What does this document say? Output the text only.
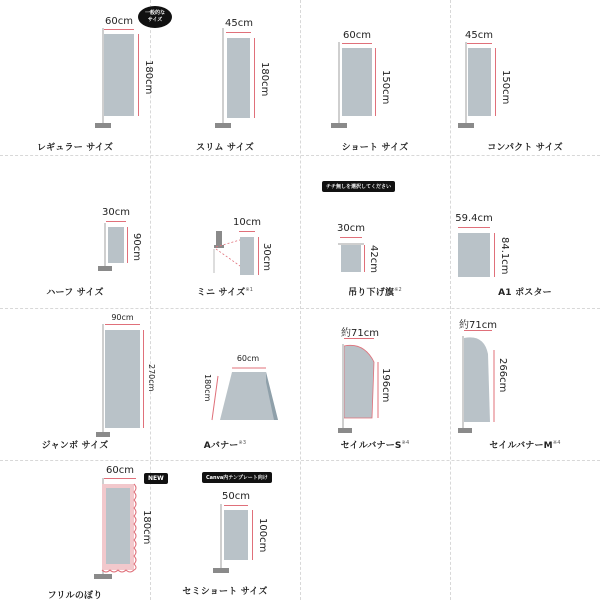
60cm
180cm
一般的な
サイズ
レギュラー サイズ
45cm
180cm
スリム サイズ
60cm
150cm
ショート サイズ
45cm
150cm
コンパクト サイズ
30cm
90cm
ハーフ サイズ
10cm
30cm
ミニ サイズ$^{※1}$
チチ無しを選択してください
30cm
42cm
吊り下げ旗$^{※2}$
59.4cm
84.1cm
A1 ポスター
90cm
270cm
ジャンボ サイズ
60cm
180cm
Aバナー$^{※3}$
約71cm
196cm
セイルバナー$S^{※4}$
約71cm
266cm
セイルバナー$M^{※4}$
NEW
60cm
180cm
フリルのぼり
Canva内テンプレート向け
50cm
100cm
セミショート サイズ
